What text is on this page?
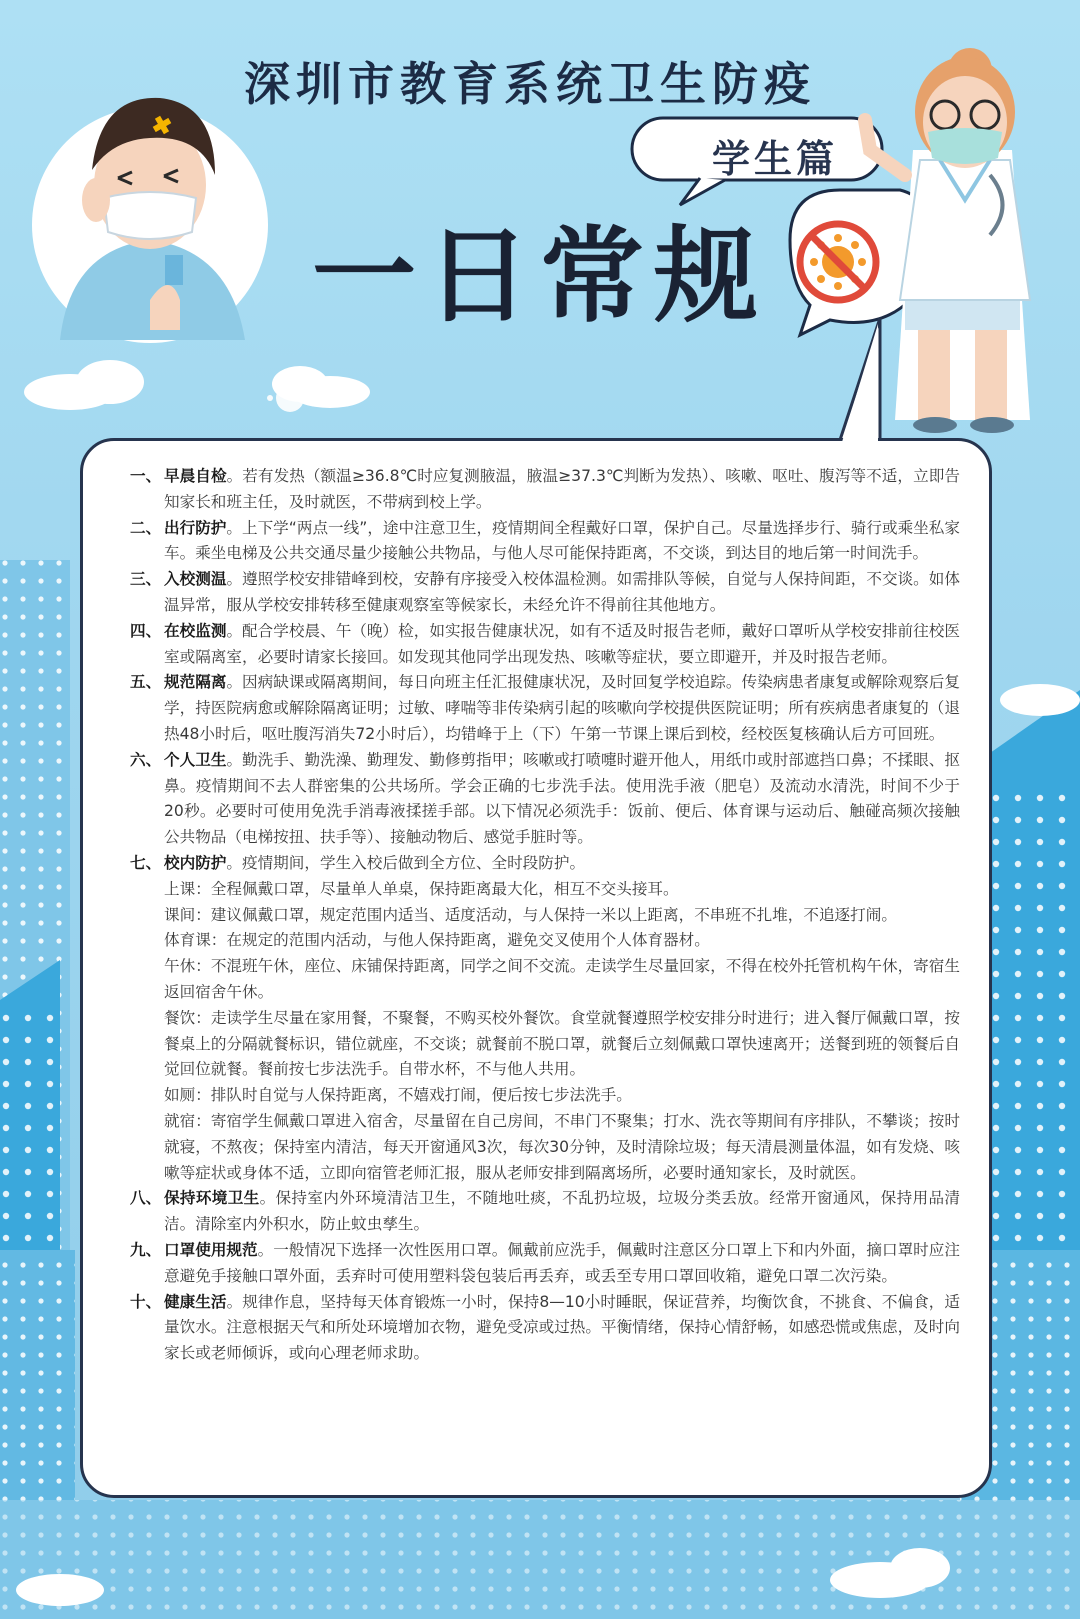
深圳市教育系统卫生防疫
学生篇
一日常规
一、 早晨自检。若有发热（额温≥36.8℃时应复测腋温，腋温≥37.3℃判断为发热）、咳嗽、呕吐、腹泻等不适，立即告知家长和班主任，及时就医，不带病到校上学。
二、 出行防护。上下学“两点一线”，途中注意卫生，疫情期间全程戴好口罩，保护自己。尽量选择步行、骑行或乘坐私家车。乘坐电梯及公共交通尽量少接触公共物品，与他人尽可能保持距离，不交谈，到达目的地后第一时间洗手。
三、 入校测温。遵照学校安排错峰到校，安静有序接受入校体温检测。如需排队等候，自觉与人保持间距，不交谈。如体温异常，服从学校安排转移至健康观察室等候家长，未经允许不得前往其他地方。
四、 在校监测。配合学校晨、午（晚）检，如实报告健康状况，如有不适及时报告老师，戴好口罩听从学校安排前往校医室或隔离室，必要时请家长接回。如发现其他同学出现发热、咳嗽等症状，要立即避开，并及时报告老师。
五、 规范隔离。因病缺课或隔离期间，每日向班主任汇报健康状况，及时回复学校追踪。传染病患者康复或解除观察后复学，持医院病愈或解除隔离证明；过敏、哮喘等非传染病引起的咳嗽向学校提供医院证明；所有疾病患者康复的（退热48小时后，呕吐腹泻消失72小时后），均错峰于上（下）午第一节课上课后到校，经校医复核确认后方可回班。
六、 个人卫生。勤洗手、勤洗澡、勤理发、勤修剪指甲；咳嗽或打喷嚏时避开他人，用纸巾或肘部遮挡口鼻；不揉眼、抠鼻。疫情期间不去人群密集的公共场所。学会正确的七步洗手法。使用洗手液（肥皂）及流动水清洗，时间不少于20秒。必要时可使用免洗手消毒液揉搓手部。以下情况必须洗手：饭前、便后、体育课与运动后、触碰高频次接触公共物品（电梯按扭、扶手等）、接触动物后、感觉手脏时等。
七、 校内防护。疫情期间，学生入校后做到全方位、全时段防护。
上课：全程佩戴口罩，尽量单人单桌，保持距离最大化，相互不交头接耳。
课间：建议佩戴口罩，规定范围内适当、适度活动，与人保持一米以上距离，不串班不扎堆，不追逐打闹。
体育课：在规定的范围内活动，与他人保持距离，避免交叉使用个人体育器材。
午休：不混班午休，座位、床铺保持距离，同学之间不交流。走读学生尽量回家，不得在校外托管机构午休，寄宿生返回宿舍午休。
餐饮：走读学生尽量在家用餐，不聚餐，不购买校外餐饮。食堂就餐遵照学校安排分时进行；进入餐厅佩戴口罩，按餐桌上的分隔就餐标识，错位就座，不交谈；就餐前不脱口罩，就餐后立刻佩戴口罩快速离开；送餐到班的领餐后自觉回位就餐。餐前按七步法洗手。自带水杯，不与他人共用。
如厕：排队时自觉与人保持距离，不嬉戏打闹，便后按七步法洗手。
就宿：寄宿学生佩戴口罩进入宿舍，尽量留在自己房间，不串门不聚集；打水、洗衣等期间有序排队，不攀谈；按时就寝，不熬夜；保持室内清洁，每天开窗通风3次，每次30分钟，及时清除垃圾；每天清晨测量体温，如有发烧、咳嗽等症状或身体不适，立即向宿管老师汇报，服从老师安排到隔离场所，必要时通知家长，及时就医。
八、 保持环境卫生。保持室内外环境清洁卫生，不随地吐痰，不乱扔垃圾，垃圾分类丢放。经常开窗通风，保持用品清洁。清除室内外积水，防止蚊虫孳生。
九、 口罩使用规范。一般情况下选择一次性医用口罩。佩戴前应洗手，佩戴时注意区分口罩上下和内外面，摘口罩时应注意避免手接触口罩外面，丢弃时可使用塑料袋包装后再丢弃，或丢至专用口罩回收箱，避免口罩二次污染。
十、 健康生活。规律作息，坚持每天体育锻炼一小时，保持8—10小时睡眠，保证营养，均衡饮食，不挑食、不偏食，适量饮水。注意根据天气和所处环境增加衣物，避免受凉或过热。平衡情绪，保持心情舒畅，如感恐慌或焦虑，及时向家长或老师倾诉，或向心理老师求助。
